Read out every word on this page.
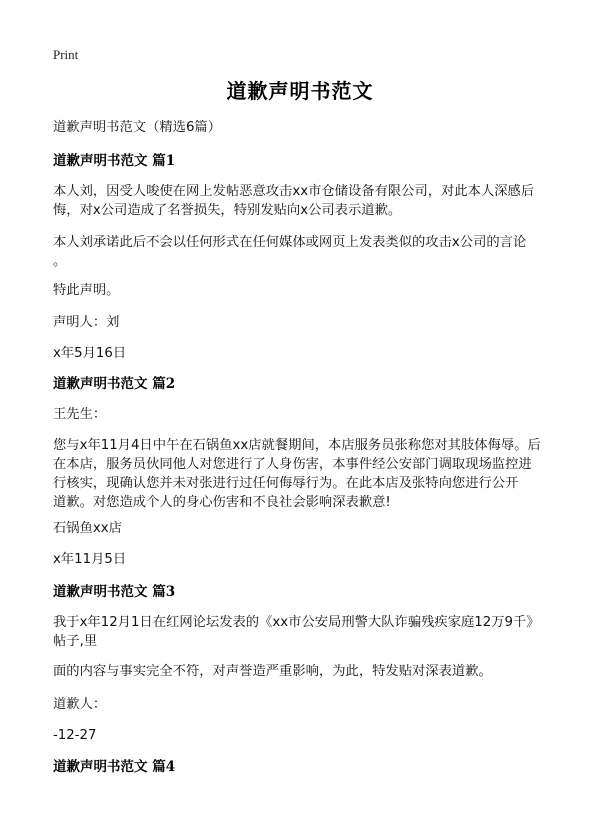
Print
道歉声明书范文
道歉声明书范文（精选6篇）
道歉声明书范文 篇1
本人刘，因受人唆使在网上发帖恶意攻击xx市仓储设备有限公司，对此本人深感后
悔，对x公司造成了名誉损失，特别发贴向x公司表示道歉。
本人刘承诺此后不会以任何形式在任何媒体或网页上发表类似的攻击x公司的言论
。
特此声明。
声明人：刘
x年5月16日
道歉声明书范文 篇2
王先生：
您与x年11月4日中午在石锅鱼xx店就餐期间，本店服务员张称您对其肢体侮辱。后
在本店，服务员伙同他人对您进行了人身伤害，本事件经公安部门调取现场监控进
行核实，现确认您并未对张进行过任何侮辱行为。在此本店及张特向您进行公开
道歉。对您造成个人的身心伤害和不良社会影响深表歉意!
石锅鱼xx店
x年11月5日
道歉声明书范文 篇3
我于x年12月1日在红网论坛发表的《xx市公安局刑警大队诈骗残疾家庭12万9千》
帖子,里
面的内容与事实完全不符，对声誉造严重影响，为此，特发贴对深表道歉。
道歉人：
-12-27
道歉声明书范文 篇4
